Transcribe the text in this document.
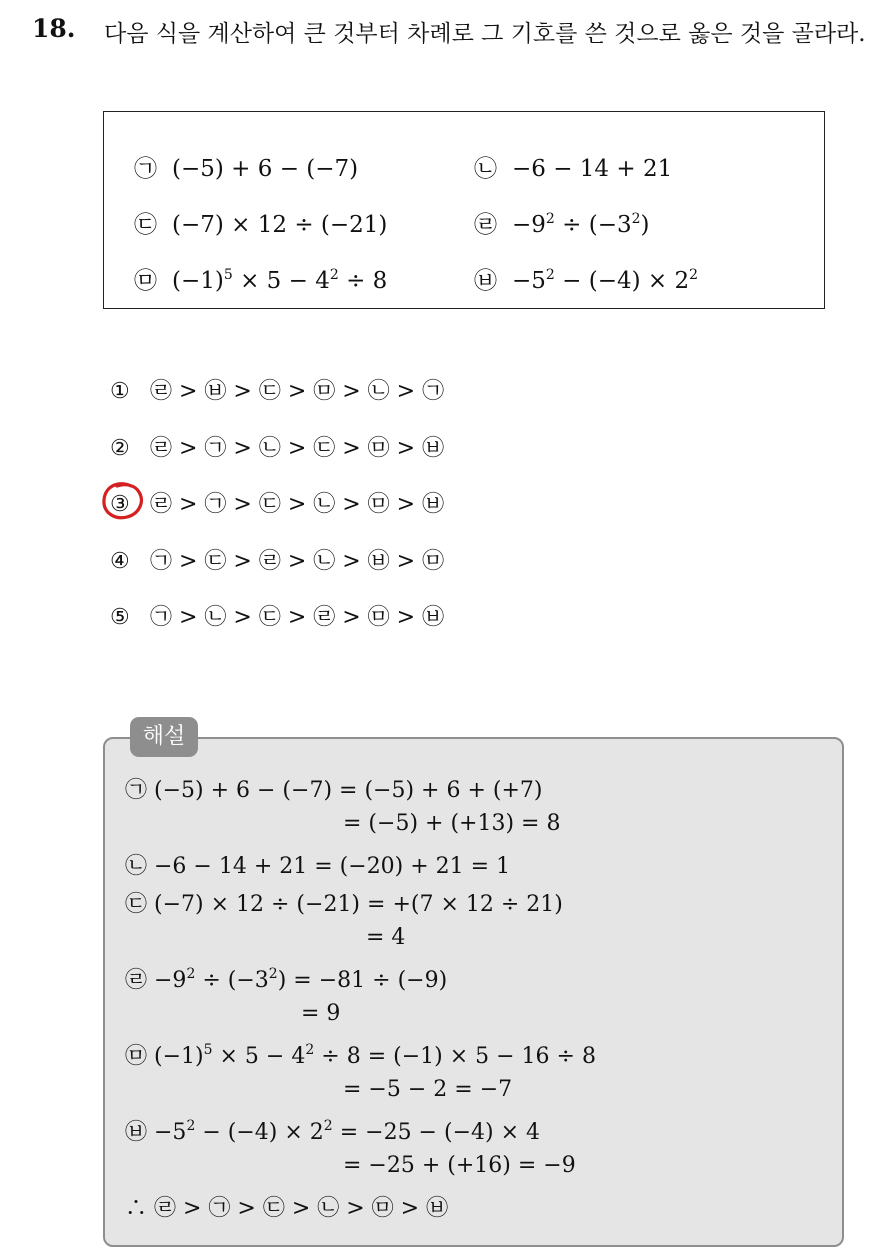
18. 다음 식을 계산하여 큰 것부터 차례로 그 기호를 쓴 것으로 옳은 것을 골라라.
㉠ (−5) + 6 − (−7)	㉡ −6 − 14 + 21
㉢ (−7) × 12 ÷ (−21)	㉣ $-9^2 \div (-3^2)$
㉤ $(-1)^5 \times 5 - 4^2 \div 8$	㉥ $-5^2 - (-4) \times 2^2$
① ㉣ > ㉥ > ㉢ > ㉤ > ㉡ > ㉠
② ㉣ > ㉠ > ㉡ > ㉢ > ㉤ > ㉥
③ ㉣ > ㉠ > ㉢ > ㉡ > ㉤ > ㉥
④ ㉠ > ㉢ > ㉣ > ㉡ > ㉥ > ㉤
⑤ ㉠ > ㉡ > ㉢ > ㉣ > ㉤ > ㉥
해설
㉠ (−5) + 6 − (−7) = (−5) + 6 + (+7)
= (−5) + (+13) = 8
㉡ −6 − 14 + 21 = (−20) + 21 = 1
㉢ (−7) × 12 ÷ (−21) = +(7 × 12 ÷ 21)
= 4
㉣ $-9^2 \div (-3^2) = -81 \div (-9)$
= 9
㉤ $(-1)^5 \times 5 - 4^2 \div 8 = (-1) \times 5 - 16 \div 8$
= −5 − 2 = −7
㉥ $-5^2 - (-4) \times 2^2 = -25 - (-4) \times 4$
= −25 + (+16) = −9
∴ ㉣ > ㉠ > ㉢ > ㉡ > ㉤ > ㉥
